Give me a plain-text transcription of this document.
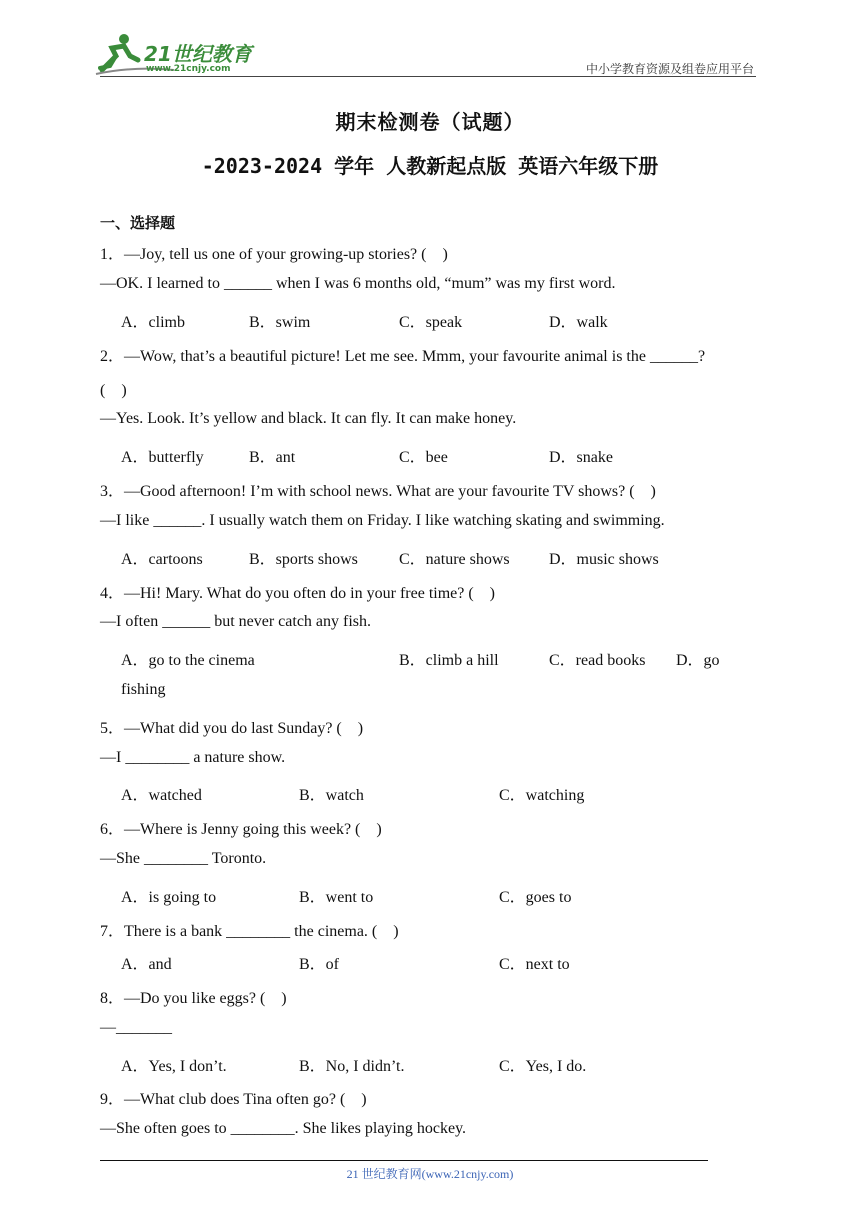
21世纪教育
www.21cnjy.com	中小学教育资源及组卷应用平台
期末检测卷（试题）
-2023-2024 学年 人教新起点版 英语六年级下册
一、选择题
1．—Joy, tell us one of your growing-up stories? (　)
—OK. I learned to ______ when I was 6 months old, “mum” was my first word.
A．climb	B．swim	C．speak	D．walk
2．—Wow, that’s a beautiful picture! Let me see. Mmm, your favourite animal is the ______?
(　)
—Yes. Look. It’s yellow and black. It can fly. It can make honey.
A．butterfly	B．ant	C．bee	D．snake
3．—Good afternoon! I’m with school news. What are your favourite TV shows? (　)
—I like ______. I usually watch them on Friday. I like watching skating and swimming.
A．cartoons	B．sports shows	C．nature shows D．music shows
4．—Hi! Mary. What do you often do in your free time? (　)
—I often ______ but never catch any fish.
A．go to the cinema	B．climb a hill	C．read books D．go
fishing
5．—What did you do last Sunday? (　)
—I ________ a nature show.
A．watched	B．watch	C．watching
6．—Where is Jenny going this week? (　)
—She ________ Toronto.
A．is going to	B．went to	C．goes to
7．There is a bank ________ the cinema. (　)
A．and	B．of	C．next to
8．—Do you like eggs? (　)
—_______
A．Yes, I don’t.	B．No, I didn’t.	C．Yes, I do.
9．—What club does Tina often go? (　)
—She often goes to ________. She likes playing hockey.
21 世纪教育网(www.21cnjy.com)
